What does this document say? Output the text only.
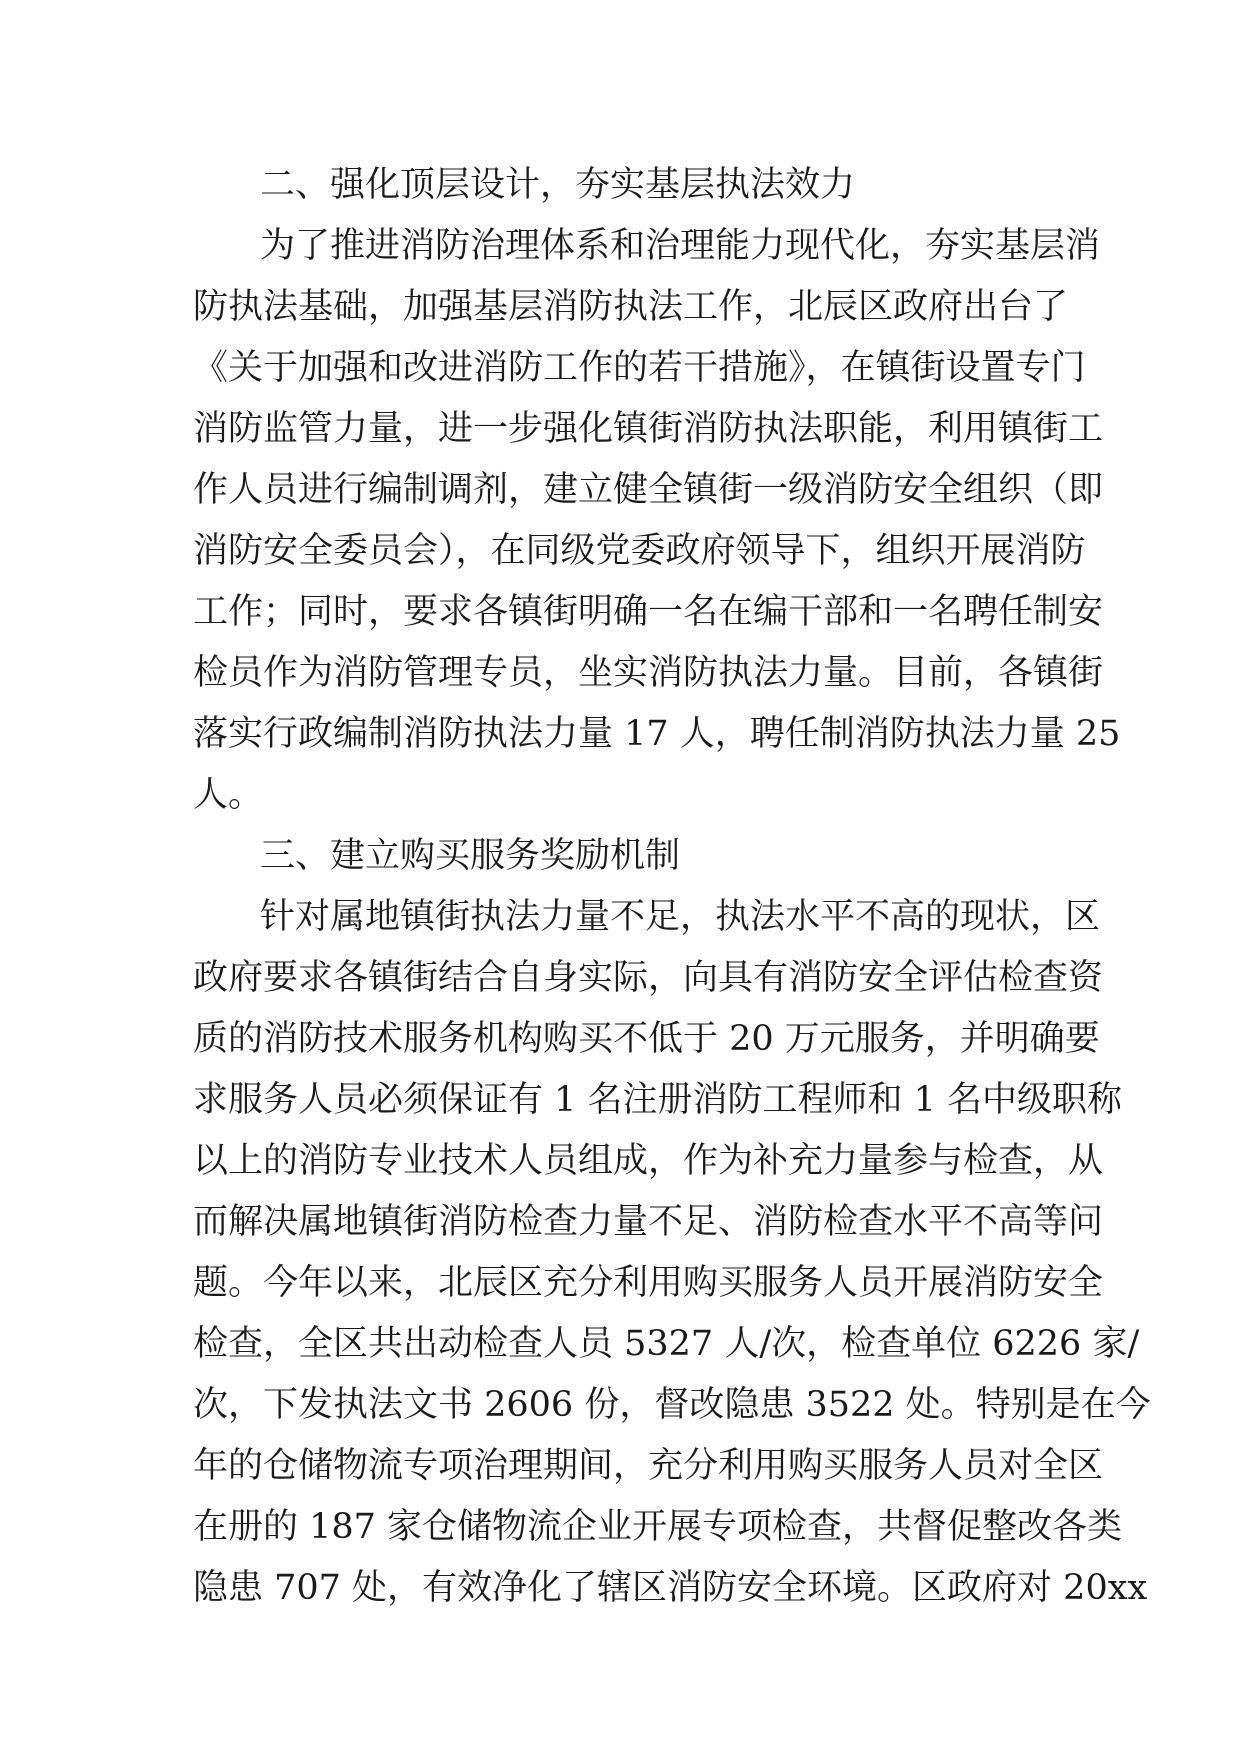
二、强化顶层设计，夯实基层执法效力

为了推进消防治理体系和治理能力现代化，夯实基层消

防执法基础，加强基层消防执法工作，北辰区政府出台了

《关于加强和改进消防工作的若干措施》，在镇街设置专门

消防监管力量，进一步强化镇街消防执法职能，利用镇街工

作人员进行编制调剂，建立健全镇街一级消防安全组织（即

消防安全委员会），在同级党委政府领导下，组织开展消防

工作；同时，要求各镇街明确一名在编干部和一名聘任制安

检员作为消防管理专员，坐实消防执法力量。目前，各镇街

落实行政编制消防执法力量 17 人，聘任制消防执法力量 25

人。

三、建立购买服务奖励机制

针对属地镇街执法力量不足，执法水平不高的现状，区

政府要求各镇街结合自身实际，向具有消防安全评估检查资

质的消防技术服务机构购买不低于 20 万元服务，并明确要

求服务人员必须保证有 1 名注册消防工程师和 1 名中级职称

以上的消防专业技术人员组成，作为补充力量参与检查，从

而解决属地镇街消防检查力量不足、消防检查水平不高等问

题。今年以来，北辰区充分利用购买服务人员开展消防安全

检查，全区共出动检查人员 5327 人/次，检查单位 6226 家/

次，下发执法文书 2606 份，督改隐患 3522 处。特别是在今

年的仓储物流专项治理期间，充分利用购买服务人员对全区

在册的 187 家仓储物流企业开展专项检查，共督促整改各类

隐患 707 处，有效净化了辖区消防安全环境。区政府对 20xx
